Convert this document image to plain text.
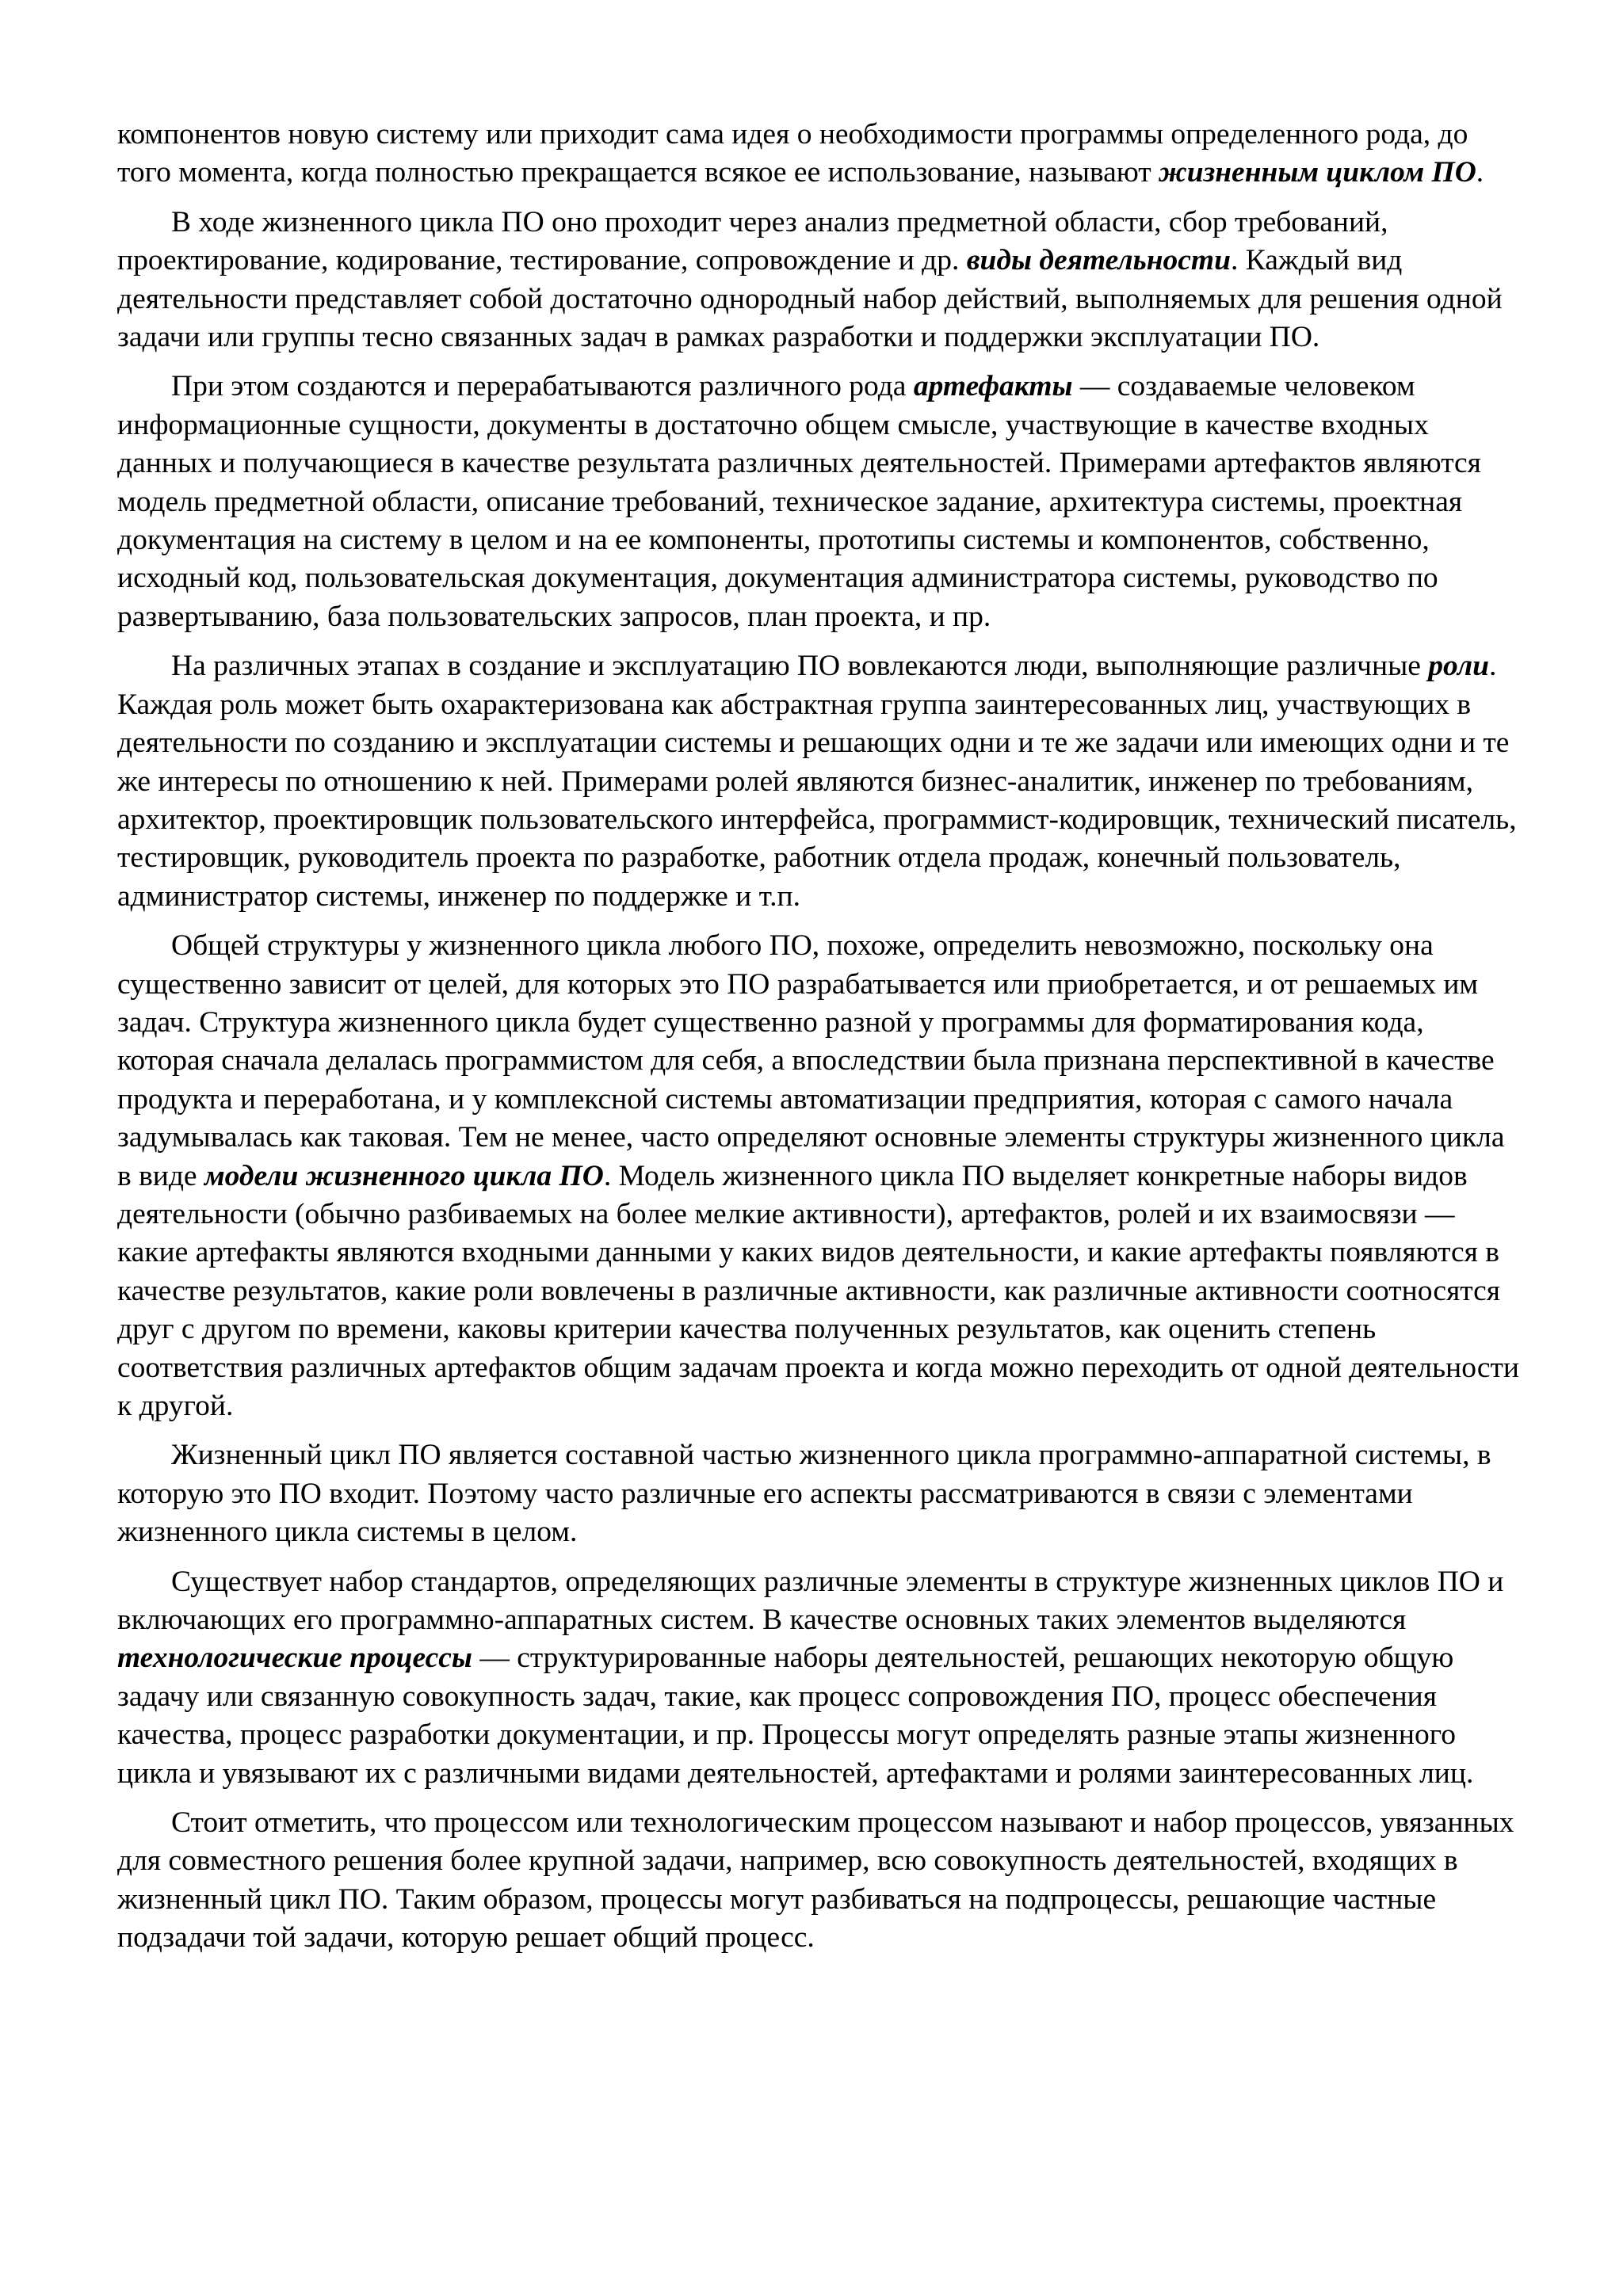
компонентов новую систему или приходит сама идея о необходимости программы определенного рода, до того момента, когда полностью прекращается всякое ее использование, называют жизненным циклом ПО.

В ходе жизненного цикла ПО оно проходит через анализ предметной области, сбор требований, проектирование, кодирование, тестирование, сопровождение и др. виды деятельности. Каждый вид деятельности представляет собой достаточно однородный набор действий, выполняемых для решения одной задачи или группы тесно связанных задач в рамках разработки и поддержки эксплуатации ПО.

При этом создаются и перерабатываются различного рода артефакты — создаваемые человеком информационные сущности, документы в достаточно общем смысле, участвующие в качестве входных данных и получающиеся в качестве результата различных деятельностей. Примерами артефактов являются модель предметной области, описание требований, техническое задание, архитектура системы, проектная документация на систему в целом и на ее компоненты, прототипы системы и компонентов, собственно, исходный код, пользовательская документация, документация администратора системы, руководство по развертыванию, база пользовательских запросов, план проекта, и пр.

На различных этапах в создание и эксплуатацию ПО вовлекаются люди, выполняющие различные роли. Каждая роль может быть охарактеризована как абстрактная группа заинтересованных лиц, участвующих в деятельности по созданию и эксплуатации системы и решающих одни и те же задачи или имеющих одни и те же интересы по отношению к ней. Примерами ролей являются бизнес-аналитик, инженер по требованиям, архитектор, проектировщик пользовательского интерфейса, программист-кодировщик, технический писатель, тестировщик, руководитель проекта по разработке, работник отдела продаж, конечный пользователь, администратор системы, инженер по поддержке и т.п.

Общей структуры у жизненного цикла любого ПО, похоже, определить невозможно, поскольку она существенно зависит от целей, для которых это ПО разрабатывается или приобретается, и от решаемых им задач. Структура жизненного цикла будет существенно разной у программы для форматирования кода, которая сначала делалась программистом для себя, а впоследствии была признана перспективной в качестве продукта и переработана, и у комплексной системы автоматизации предприятия, которая с самого начала задумывалась как таковая. Тем не менее, часто определяют основные элементы структуры жизненного цикла в виде модели жизненного цикла ПО. Модель жизненного цикла ПО выделяет конкретные наборы видов деятельности (обычно разбиваемых на более мелкие активности), артефактов, ролей и их взаимосвязи — какие артефакты являются входными данными у каких видов деятельности, и какие артефакты появляются в качестве результатов, какие роли вовлечены в различные активности, как различные активности соотносятся друг с другом по времени, каковы критерии качества полученных результатов, как оценить степень соответствия различных артефактов общим задачам проекта и когда можно переходить от одной деятельности к другой.

Жизненный цикл ПО является составной частью жизненного цикла программно-аппаратной системы, в которую это ПО входит. Поэтому часто различные его аспекты рассматриваются в связи с элементами жизненного цикла системы в целом.

Существует набор стандартов, определяющих различные элементы в структуре жизненных циклов ПО и включающих его программно-аппаратных систем. В качестве основных таких элементов выделяются технологические процессы — структурированные наборы деятельностей, решающих некоторую общую задачу или связанную совокупность задач, такие, как процесс сопровождения ПО, процесс обеспечения качества, процесс разработки документации, и пр. Процессы могут определять разные этапы жизненного цикла и увязывают их с различными видами деятельностей, артефактами и ролями заинтересованных лиц.

Стоит отметить, что процессом или технологическим процессом называют и набор процессов, увязанных для совместного решения более крупной задачи, например, всю совокупность деятельностей, входящих в жизненный цикл ПО. Таким образом, процессы могут разбиваться на подпроцессы, решающие частные подзадачи той задачи, которую решает общий процесс.
